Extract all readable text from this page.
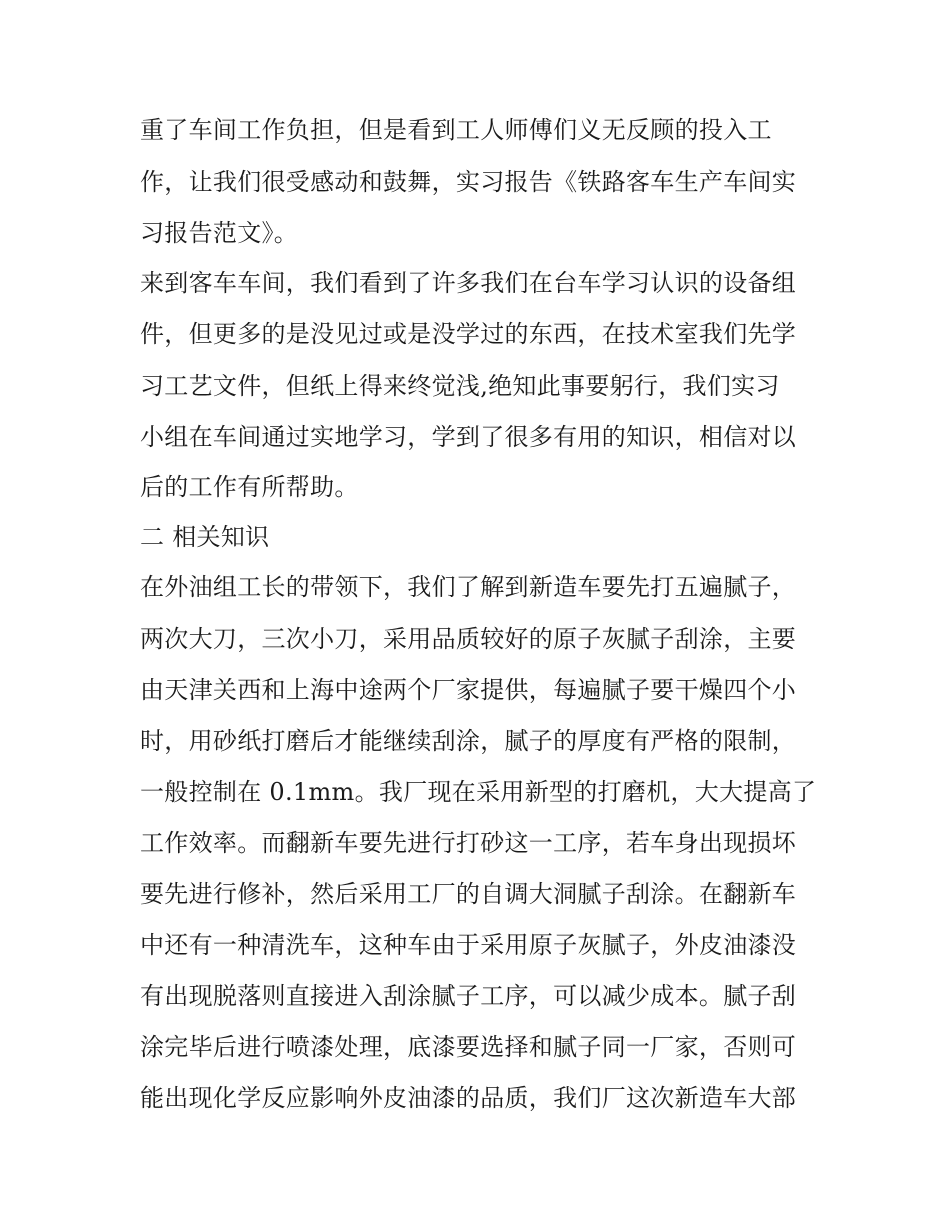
重了车间工作负担，但是看到工人师傅们义无反顾的投入工
作，让我们很受感动和鼓舞，实习报告《铁路客车生产车间实
习报告范文》。
来到客车车间，我们看到了许多我们在台车学习认识的设备组
件，但更多的是没见过或是没学过的东西，在技术室我们先学
习工艺文件，但纸上得来终觉浅,绝知此事要躬行，我们实习
小组在车间通过实地学习，学到了很多有用的知识，相信对以
后的工作有所帮助。
二 相关知识
在外油组工长的带领下，我们了解到新造车要先打五遍腻子，
两次大刀，三次小刀，采用品质较好的原子灰腻子刮涂，主要
由天津关西和上海中途两个厂家提供，每遍腻子要干燥四个小
时，用砂纸打磨后才能继续刮涂，腻子的厚度有严格的限制，
一般控制在 0.1mm。我厂现在采用新型的打磨机，大大提高了
工作效率。而翻新车要先进行打砂这一工序，若车身出现损坏
要先进行修补，然后采用工厂的自调大洞腻子刮涂。在翻新车
中还有一种清洗车，这种车由于采用原子灰腻子，外皮油漆没
有出现脱落则直接进入刮涂腻子工序，可以减少成本。腻子刮
涂完毕后进行喷漆处理，底漆要选择和腻子同一厂家，否则可
能出现化学反应影响外皮油漆的品质，我们厂这次新造车大部
